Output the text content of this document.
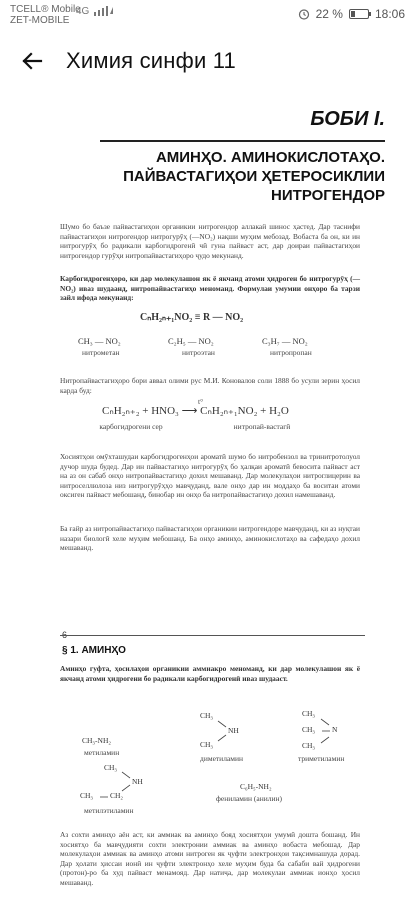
TCELL® Mobile
ZET-MOBILE
4G	22 %	18:06
Химия синфи 11
БОБИ I.
АМИНҲО. АМИНОКИСЛОТАҲО. ПАЙВАСТАГИҲОИ ҲЕТЕРОСИКЛИИ НИТРОГЕНДОР
Шумо бо баъзе пайвастагиҳои органикии нитрогендор аллакай шинос ҳастед. Дар таснифи пайвастагиҳои нитрогендор нитрогурӯҳ (—NO₂) нақши муҳим мебозад. Вобаста ба он, ки ин нитрогурӯҳ бо радикали карбогидрогенӣ чӣ гуна пайваст аст, дар доираи пайвастагиҳои нитрогендор гурӯҳи нитропайвастагиҳоро ҷудо мекунанд.
Карбогидрогенҳоро, ки дар молекулашон як ё якчанд атоми ҳидроген бо нитрогурӯҳ (—NO₂) иваз шудаанд, нитропайвастагиҳо меноманд. Формулаи умумии онҳоро ба тарзи зайл ифода мекунанд:
CₙH₂ₙ₊₁NO₂ ≡ R — NO₂
CH₃ — NO₂
нитрометан
C₂H₅ — NO₂
нитроэтан
C₃H₇ — NO₂
нитропропан
Нитропайвастагиҳоро бори аввал олими рус М.И. Коновалов соли 1888 бо усули зерин ҳосил карда буд:
t°
CₙH₂ₙ₊₂ + HNO₃ ⟶ CₙH₂ₙ₊₁NO₂ + H₂O
карбогидрогени сер	нитропай-вастагӣ
Хосиятҳои омӯхташудаи карбогидрогенҳои ароматӣ шумо бо нитробензол ва тринитротолуол дучор шуда будед. Дар ин пайвастагиҳо нитрогурӯҳ бо ҳалқаи ароматӣ бевосита пайваст аст на аз он сабаб онҳо нитропайвастагиҳо дохил мешаванд. Дар молекулаҳои нитроглицерин ва нитроселлюлоза низ нитрогурӯҳҳо мавҷуданд, вале онҳо дар ин моддаҳо ба воситаи атоми оксиген пайваст мебошанд, бинобар ин онҳо ба нитропайвастагиҳо дохил намешаванд.
Ба ғайр аз нитропайвастагиҳо пайвастагиҳои органикии нитрогендоре мавҷуданд, ки аз нуқтаи назари биологӣ хеле муҳим мебошанд. Ба онҳо аминҳо, аминокислотаҳо ва сафедаҳо дохил мешаванд.
6
§ 1. АМИНҲО
Аминҳо гуфта, ҳосилаҳои органикии аммиакро меноманд, ки дар молекулашон як ё якчанд атоми ҳидрогени бо радикали карбогидрогенӣ иваз шудааст.
CH₃-NH₂
метиламин
CH₃
NH
CH₃
диметиламин
CH₃
CH₃ N
CH₃
триметиламин
CH₃
NH
CH₃ CH₂
метилэтиламин
C₆H₅-NH₂
фениламин (анилин)
Аз сохти аминҳо аён аст, ки аммиак ва аминҳо бояд хосиятҳои умумӣ дошта бошанд. Ин хосиятҳо ба мавҷудияти сохти электронии аммиак ва аминҳо вобаста мебошад. Дар молекулаҳои аммиак ва аминҳо атоми нитроген як ҷуфти электронҳои тақсимнашуда дорад. Дар ҳолати ҳиссаи ионӣ ин ҷуфти электронҳо хеле муҳим буда ба сабаби вай ҳидрогени (протон)-ро ба худ пайваст менамояд. Дар натиҷа, дар молекулаи аммиак ионҳо ҳосил мешаванд.
